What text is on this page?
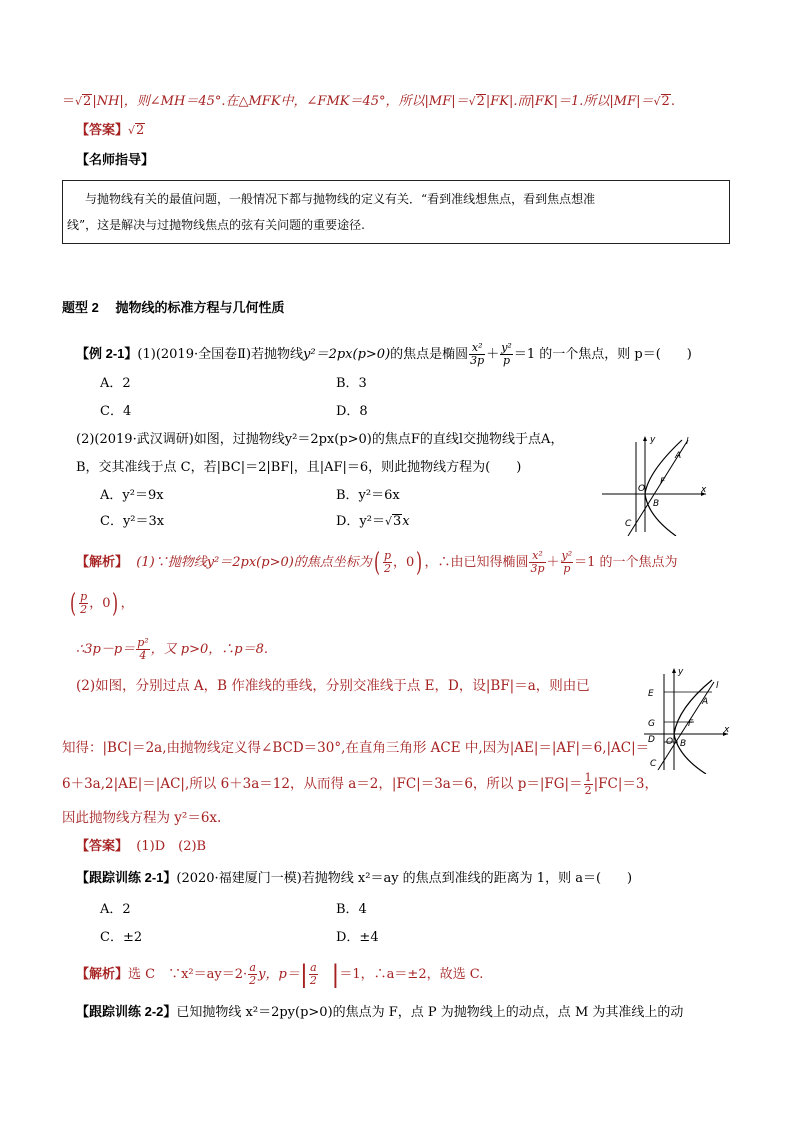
＝√2|NH|，则∠MH＝45°.在△MFK中，∠FMK＝45°，所以|MF|＝√2|FK|.而|FK|＝1.所以|MF|＝√2.
【答案】√2
【名师指导】
与抛物线有关的最值问题，一般情况下都与抛物线的定义有关．“看到准线想焦点，看到焦点想准
线”，这是解决与过抛物线焦点的弦有关问题的重要途径.
题型 2　 抛物线的标准方程与几何性质
【例 2-1】(1)(2019·全国卷Ⅱ)若抛物线y²＝2px(p>0)的焦点是椭圆 $\frac{\text{x²}}{3p} + \frac{\text{y²}}{p} =1$ 的一个焦点，则 p＝(　　)
A．2	B．3
C．4	D．8
(2)(2019·武汉调研)如图，过抛物线y²＝2px(p>0)的焦点F的直线l交抛物线于点A，
B，交其准线于点 C，若|BC|＝2|BF|，且|AF|＝6，则此抛物线方程为(　　)
A．y²＝9x	B．y²＝6x
C．y²＝3x	D．y²＝√3x
y	l
A
F
O
B
x
C
【解析】 (1)∵抛物线y²＝2px(p>0)的焦点坐标为( $\frac{p}{2}$ ，0) ，∴由已知得椭圆 $\frac{\text{x²}}{3p} + \frac{\text{y²}}{p} =1$ 的一个焦点为
( $\frac{p}{2}$ ，0) ，
∴3p－p＝ $\frac{\text{p²}}{4}$ ，又 p>0，∴p＝8.
(2)如图，分别过点 A，B 作准线的垂线，分别交准线于点 E，D，设|BF|＝a，则由已
y
E
l
A
G	F
D O B
x
C
知得：|BC|＝2a,由抛物线定义得∠BCD＝30°,在直角三角形 ACE 中,因为|AE|＝|AF|＝6,|AC|＝
6＋3a,2|AE|＝|AC|,所以 6＋3a＝12，从而得 a＝2，|FC|＝3a＝6，所以 $p=|FG|= \frac{1}{2} |FC|=3$，
因此抛物线方程为 y²＝6x.
【答案】 (1)D　(2)B
【跟踪训练 2-1】(2020·福建厦门一模)若抛物线 x²＝ay 的焦点到准线的距离为 1，则 a＝(　　)
A．2	B．4
C．±2	D．±4
【解析】选 C　∵x²＝ay＝2· $\frac{a}{2}$ y，$p=| \frac{a}{2} |=1$，∴a＝±2，故选 C.
【跟踪训练 2-2】已知抛物线 x²＝2py(p>0)的焦点为 F，点 P 为抛物线上的动点，点 M 为其准线上的动
